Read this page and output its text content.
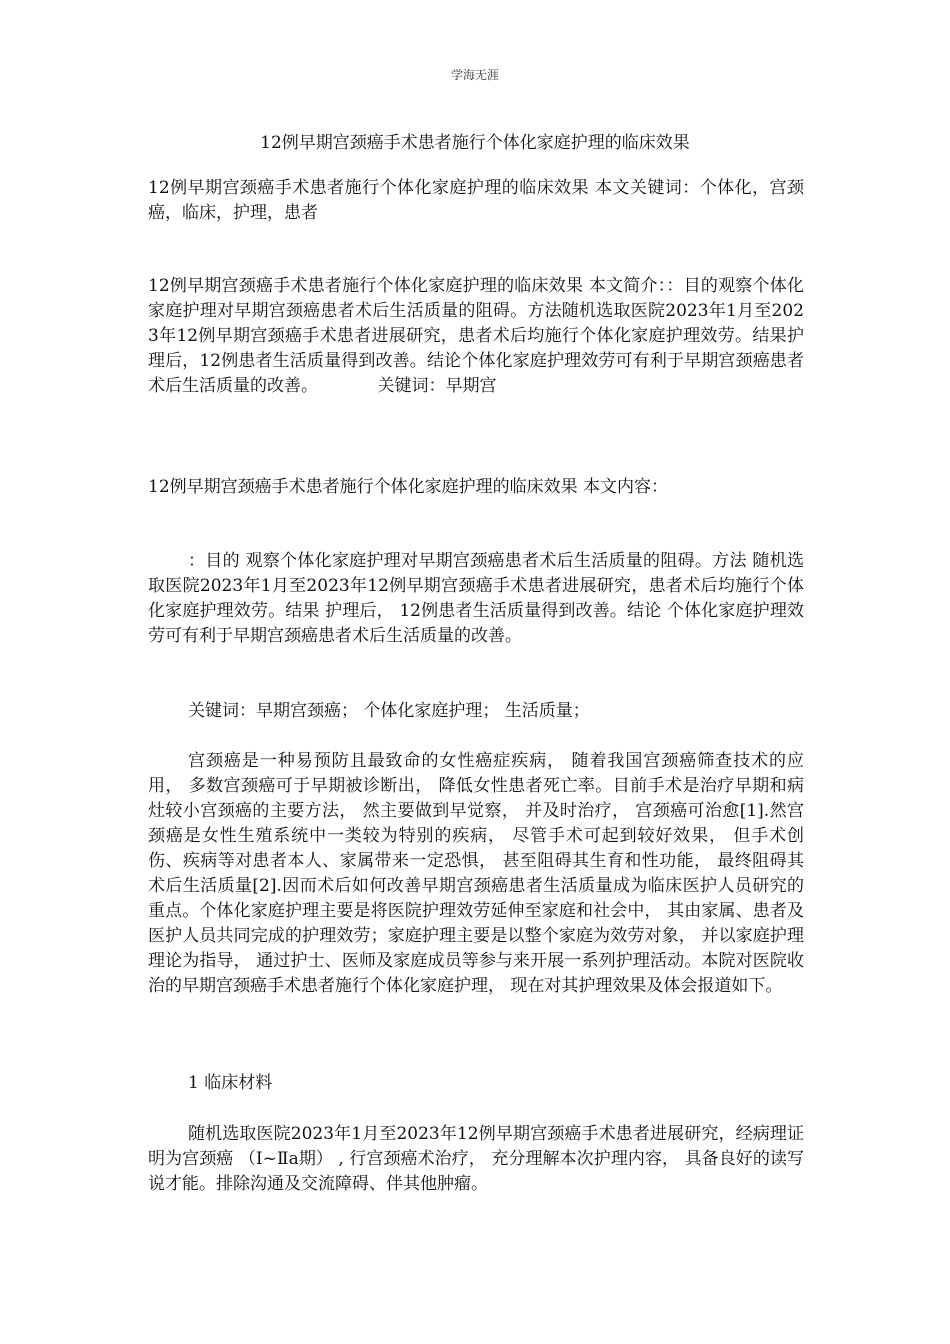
学海无涯
12例早期宫颈癌手术患者施行个体化家庭护理的临床效果
12例早期宫颈癌手术患者施行个体化家庭护理的临床效果 本文关键词：个体化，宫颈癌，临床，护理，患者
12例早期宫颈癌手术患者施行个体化家庭护理的临床效果 本文简介：：目的观察个体化家庭护理对早期宫颈癌患者术后生活质量的阻碍。方法随机选取医院2023年1月至2023年12例早期宫颈癌手术患者进展研究，患者术后均施行个体化家庭护理效劳。结果护理后，12例患者生活质量得到改善。结论个体化家庭护理效劳可有利于早期宫颈癌患者术后生活质量的改善。　　　　关键词：早期宫
12例早期宫颈癌手术患者施行个体化家庭护理的临床效果 本文内容：
：目的 观察个体化家庭护理对早期宫颈癌患者术后生活质量的阻碍。方法 随机选取医院2023年1月至2023年12例早期宫颈癌手术患者进展研究，患者术后均施行个体化家庭护理效劳。结果 护理后， 12例患者生活质量得到改善。结论 个体化家庭护理效劳可有利于早期宫颈癌患者术后生活质量的改善。
关键词：早期宫颈癌； 个体化家庭护理； 生活质量；
宫颈癌是一种易预防且最致命的女性癌症疾病， 随着我国宫颈癌筛查技术的应用， 多数宫颈癌可于早期被诊断出， 降低女性患者死亡率。目前手术是治疗早期和病灶较小宫颈癌的主要方法， 然主要做到早觉察， 并及时治疗， 宫颈癌可治愈[1].然宫颈癌是女性生殖系统中一类较为特别的疾病， 尽管手术可起到较好效果， 但手术创伤、疾病等对患者本人、家属带来一定恐惧， 甚至阻碍其生育和性功能， 最终阻碍其术后生活质量[2].因而术后如何改善早期宫颈癌患者生活质量成为临床医护人员研究的重点。个体化家庭护理主要是将医院护理效劳延伸至家庭和社会中， 其由家属、患者及医护人员共同完成的护理效劳；家庭护理主要是以整个家庭为效劳对象， 并以家庭护理理论为指导， 通过护士、医师及家庭成员等参与来开展一系列护理活动。本院对医院收治的早期宫颈癌手术患者施行个体化家庭护理， 现在对其护理效果及体会报道如下。
1 临床材料
随机选取医院2023年1月至2023年12例早期宫颈癌手术患者进展研究，经病理证明为宫颈癌 （Ⅰ~Ⅱa期） , 行宫颈癌术治疗， 充分理解本次护理内容， 具备良好的读写说才能。排除沟通及交流障碍、伴其他肿瘤。
